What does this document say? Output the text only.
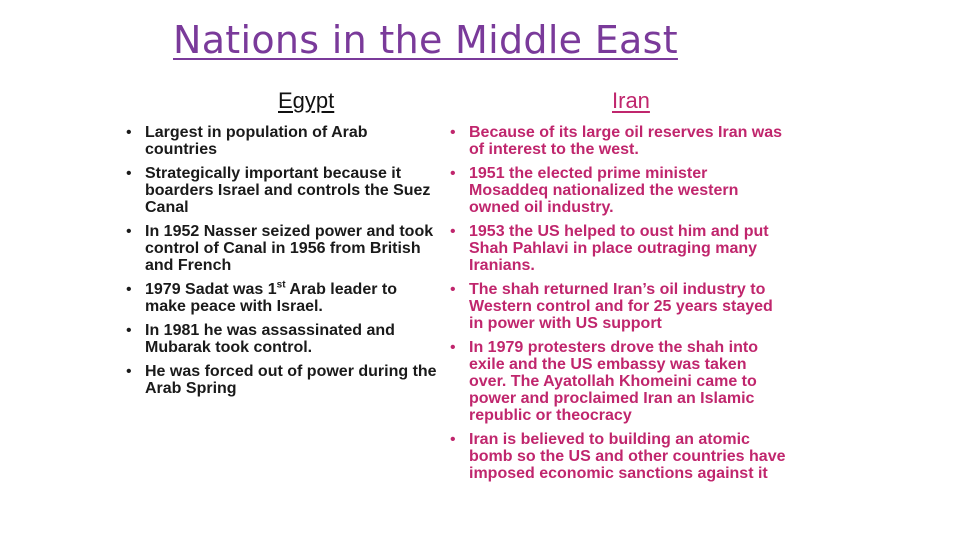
Nations in the Middle East
Egypt	Iran
• Largest in population of Arab countries
• Strategically important because it boarders Israel and controls the Suez Canal
• In 1952 Nasser seized power and took control of Canal in 1956 from British and French
• 1979 Sadat was 1st Arab leader to make peace with Israel.
• In 1981 he was assassinated and Mubarak took control.
• He was forced out of power during the Arab Spring
• Because of its large oil reserves Iran was of interest to the west.
• 1951 the elected prime minister Mosaddeq nationalized the western owned oil industry.
• 1953 the US helped to oust him and put Shah Pahlavi in place outraging many Iranians.
• The shah returned Iran’s oil industry to Western control and for 25 years stayed in power with US support
• In 1979 protesters drove the shah into exile and the US embassy was taken over. The Ayatollah Khomeini came to power and proclaimed Iran an Islamic republic or theocracy
• Iran is believed to building an atomic bomb so the US and other countries have imposed economic sanctions against it
